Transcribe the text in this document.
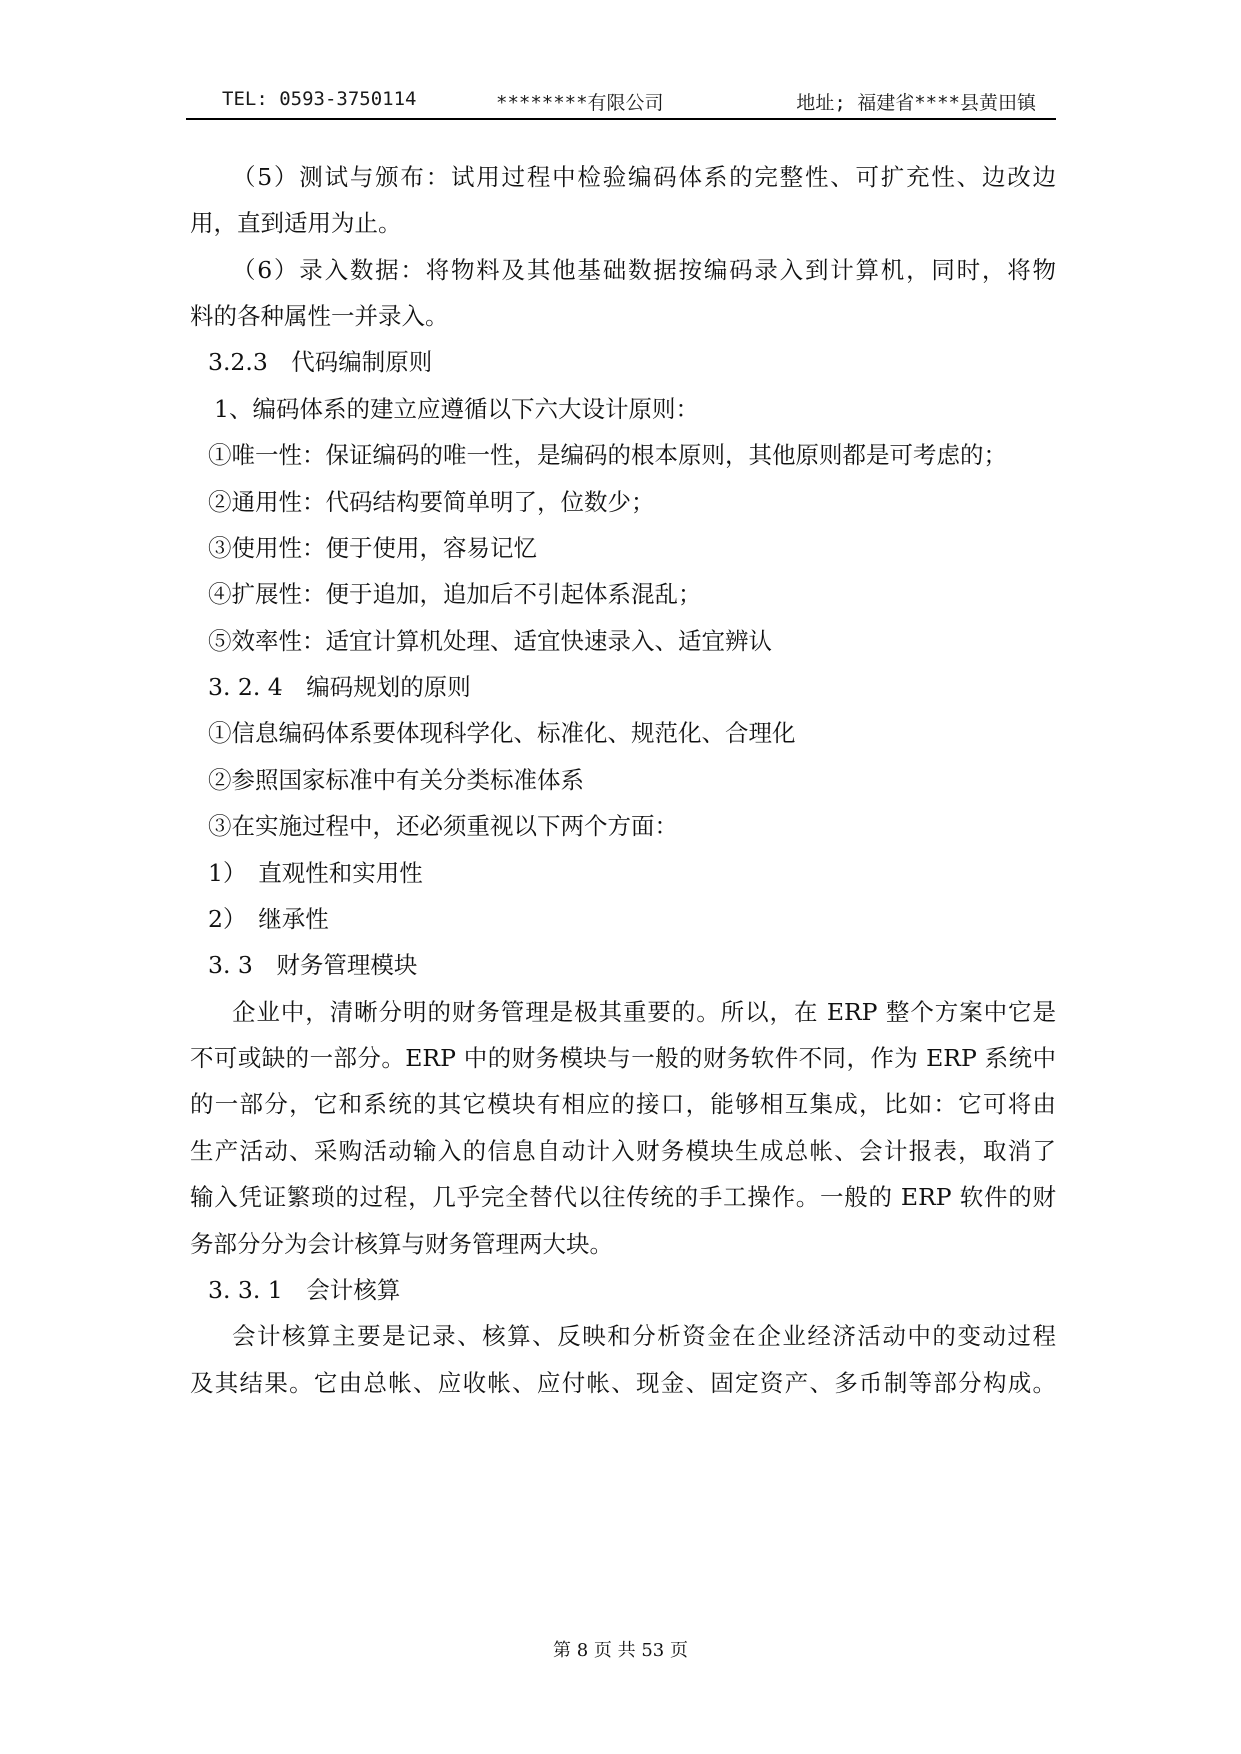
TEL: 0593-3750114	********有限公司	地址; 福建省****县黄田镇
（5）测试与颁布：试用过程中检验编码体系的完整性、可扩充性、边改边
用，直到适用为止。
（6）录入数据：将物料及其他基础数据按编码录入到计算机，同时，将物
料的各种属性一并录入。
3.2.3　代码编制原则
1、编码体系的建立应遵循以下六大设计原则：
①唯一性：保证编码的唯一性，是编码的根本原则，其他原则都是可考虑的；
②通用性：代码结构要简单明了，位数少；
③使用性：便于使用，容易记忆
④扩展性：便于追加，追加后不引起体系混乱；
⑤效率性：适宜计算机处理、适宜快速录入、适宜辨认
3. 2. 4　编码规划的原则
①信息编码体系要体现科学化、标准化、规范化、合理化
②参照国家标准中有关分类标准体系
③在实施过程中，还必须重视以下两个方面：
1）　直观性和实用性
2）　继承性
3. 3　财务管理模块
企业中，清晰分明的财务管理是极其重要的。所以，在 ERP 整个方案中它是
不可或缺的一部分。ERP 中的财务模块与一般的财务软件不同，作为 ERP 系统中
的一部分，它和系统的其它模块有相应的接口，能够相互集成，比如：它可将由
生产活动、采购活动输入的信息自动计入财务模块生成总帐、会计报表，取消了
输入凭证繁琐的过程，几乎完全替代以往传统的手工操作。一般的 ERP 软件的财
务部分分为会计核算与财务管理两大块。
3. 3. 1　会计核算
会计核算主要是记录、核算、反映和分析资金在企业经济活动中的变动过程
及其结果。它由总帐、应收帐、应付帐、现金、固定资产、多币制等部分构成。
第 8 页 共 53 页
